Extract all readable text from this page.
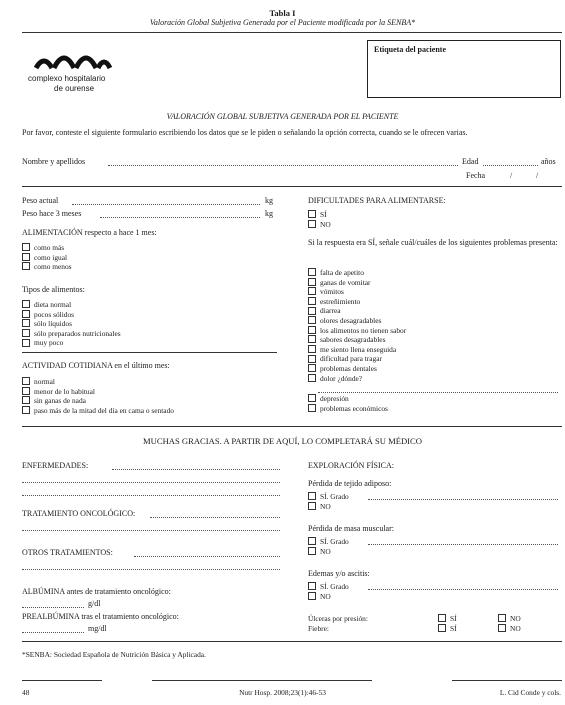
Tabla I
Valoración Global Subjetiva Generada por el Paciente modificada por la SENBA*
complexo hospitalario
de ourense
Etiqueta del paciente
VALORACIÓN GLOBAL SUBJETIVA GENERADA POR EL PACIENTE
Por favor, conteste el siguiente formulario escribiendo los datos que se le piden o señalando la opción correcta, cuando se le ofrecen varias.
Nombre y apellidos	Edad	años
Fecha	/	/
Peso actual	kg
Peso hace 3 meses	kg
ALIMENTACIÓN respecto a hace 1 mes:
como más
como igual
como menos
Tipos de alimentos:
dieta normal
pocos sólidos
sólo líquidos
sólo preparados nutricionales
muy poco
ACTIVIDAD COTIDIANA en el último mes:
normal
menor de lo habitual
sin ganas de nada
paso más de la mitad del día en cama o sentado
DIFICULTADES PARA ALIMENTARSE:
SÍ
NO
Si la respuesta era SÍ, señale cuál/cuáles de los siguientes problemas presenta:
falta de apetito
ganas de vomitar
vómitos
estreñimiento
diarrea
olores desagradables
los alimentos no tienen sabor
sabores desagradables
me siento llena enseguida
dificultad para tragar
problemas dentales
dolor ¿dónde?
depresión
problemas económicos
MUCHAS GRACIAS. A PARTIR DE AQUÍ, LO COMPLETARÁ SU MÉDICO
ENFERMEDADES:
TRATAMIENTO ONCOLÓGICO:
OTROS TRATAMIENTOS:
ALBÚMINA antes de tratamiento oncológico:
g/dl
PREALBÚMINA tras el tratamiento oncológico:
mg/dl
EXPLORACIÓN FÍSICA:
Pérdida de tejido adiposo:
SÍ. Grado
NO
Pérdida de masa muscular:
SÍ. Grado
NO
Edemas y/o ascitis:
SÍ. Grado
NO
Úlceras por presión:	SÍ	NO
Fiebre:	SÍ	NO
*SENBA: Sociedad Española de Nutrición Básica y Aplicada.
48	Nutr Hosp. 2008;23(1):46-53	L. Cid Conde y cols.
